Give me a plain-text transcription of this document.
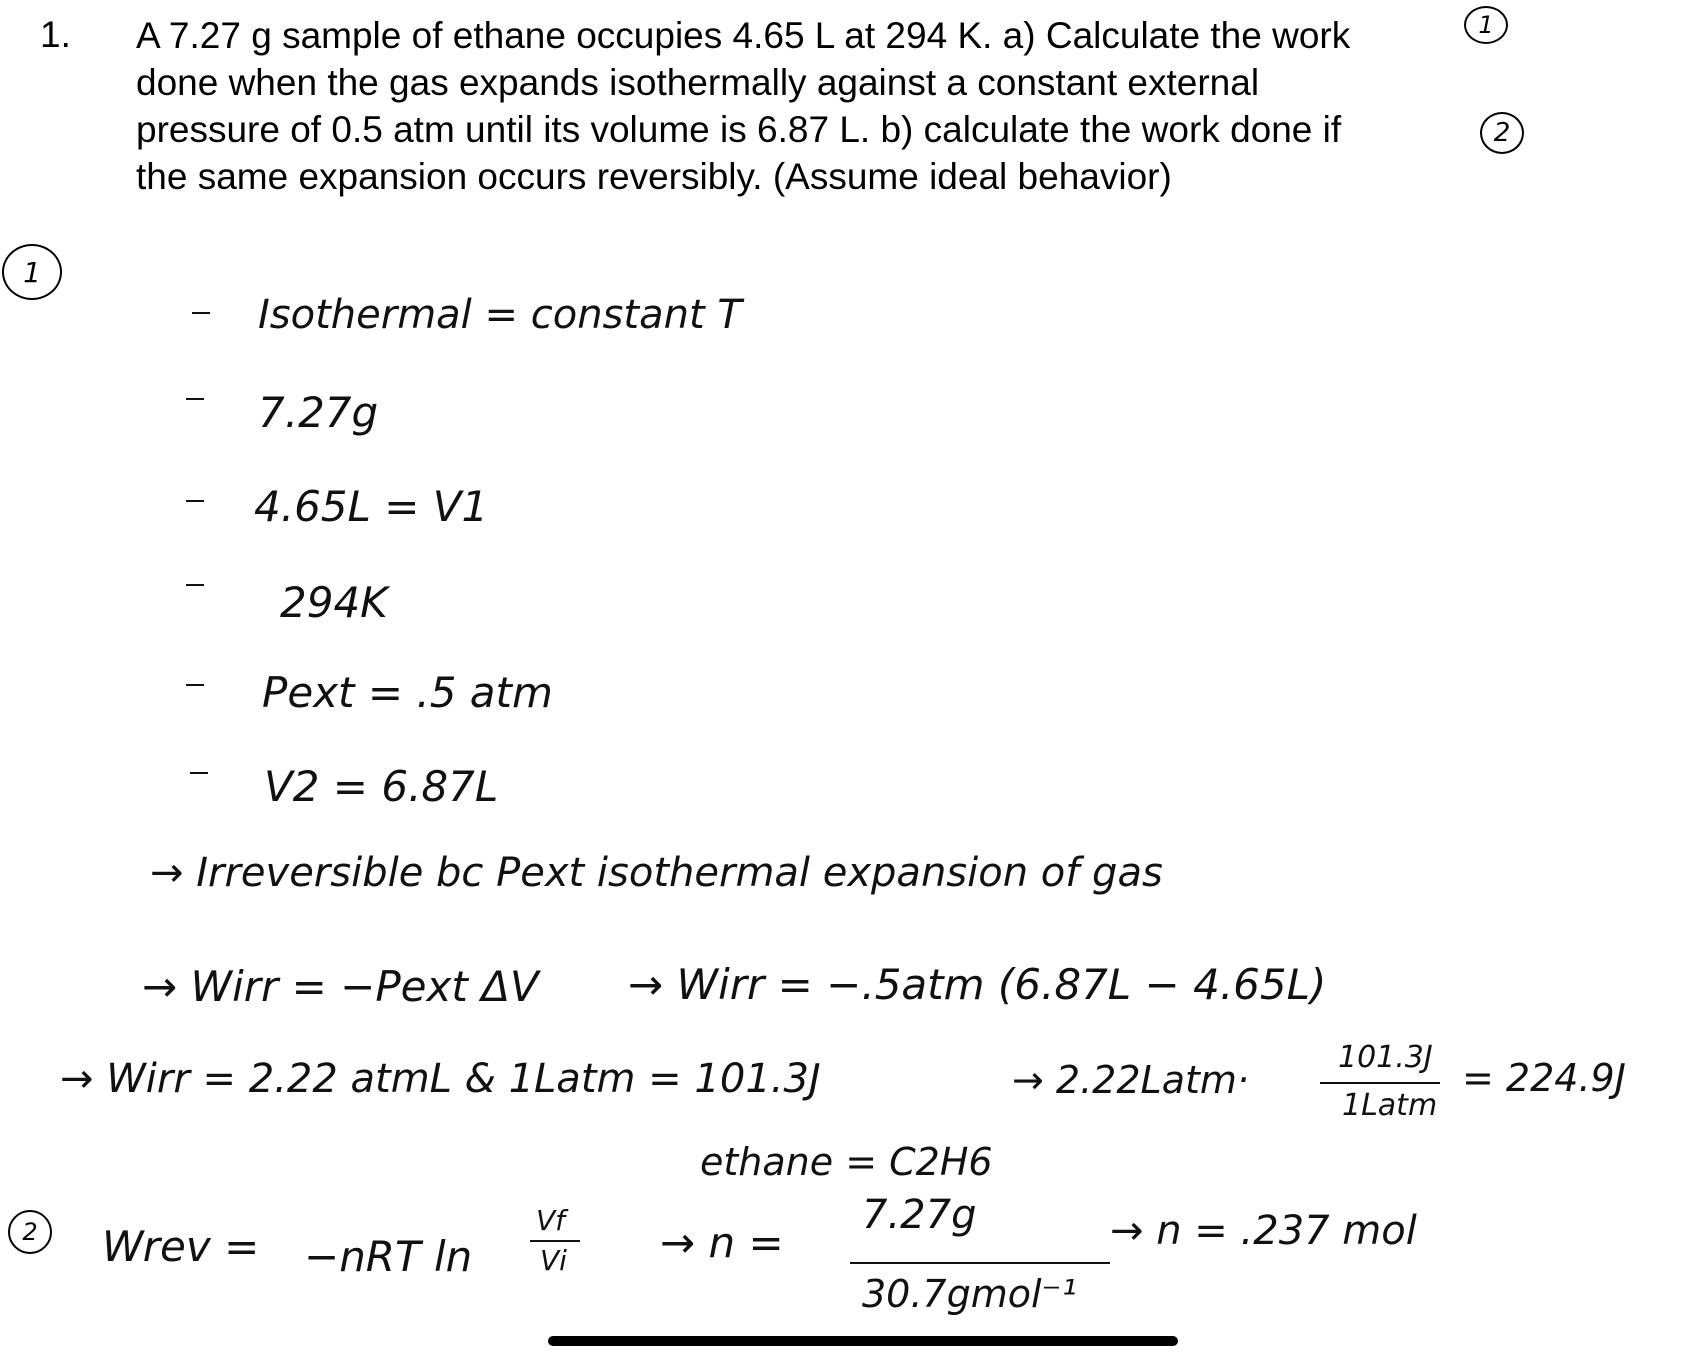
1. A 7.27 g sample of ethane occupies 4.65 L at 294 K. a) Calculate the work
done when the gas expands isothermally against a constant external
pressure of 0.5 atm until its volume is 6.87 L. b) calculate the work done if
the same expansion occurs reversibly. (Assume ideal behavior)

1
2
1
Isothermal = constant T
7.27g
4.65L = V1
294K
Pext = .5 atm
V2 = 6.87L
→ Irreversible bc Pext isothermal expansion of gas
→ Wirr = −Pext ΔV → Wirr = −.5atm (6.87L − 4.65L)
→ Wirr = 2.22 atmL & 1Latm = 101.3J	→ 2.22Latm·
101.3J
1Latm
= 224.9J
ethane = C2H6
2	Wrev = −nRT ln
Vf
Vi → n =
7.27g
30.7gmol⁻¹
→ n = .237 mol
